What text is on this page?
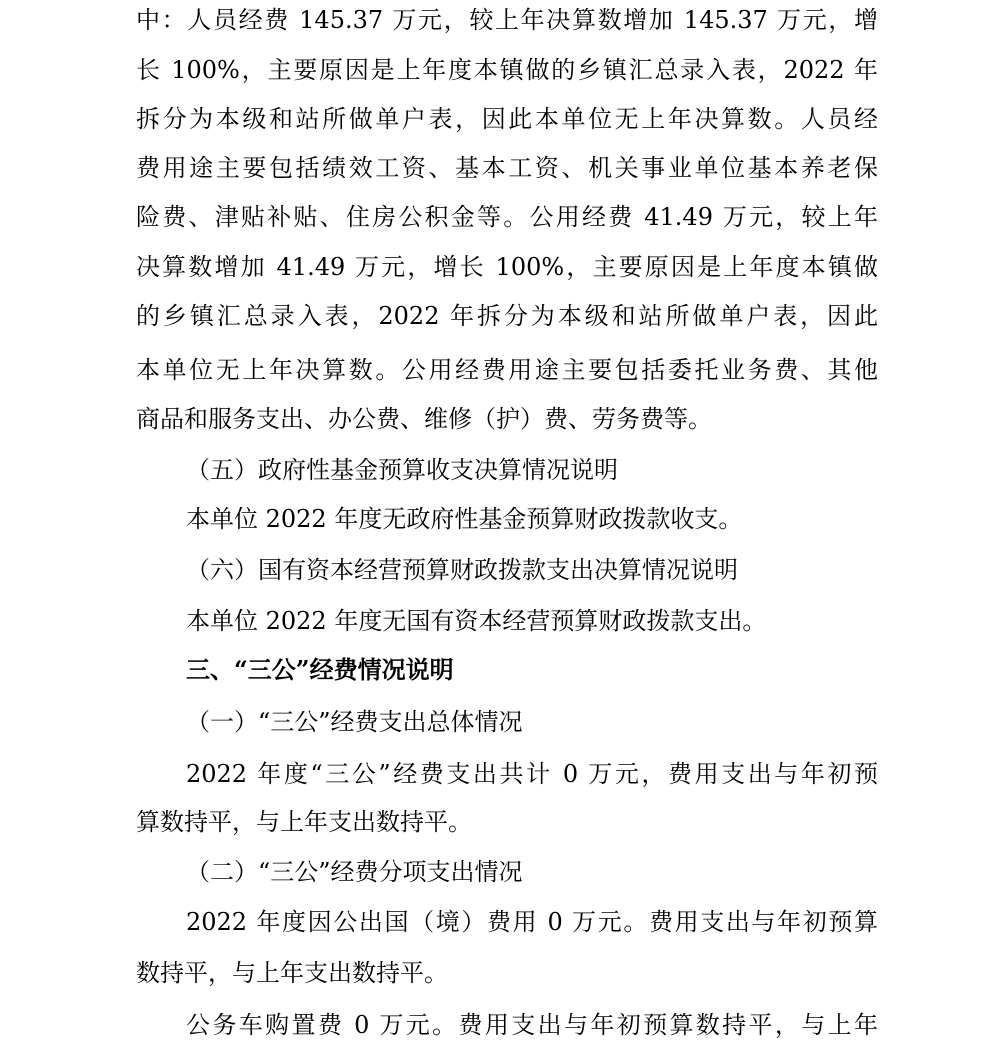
中：人员经费 145.37 万元，较上年决算数增加 145.37 万元，增
长 100%，主要原因是上年度本镇做的乡镇汇总录入表，2022 年
拆分为本级和站所做单户表，因此本单位无上年决算数。人员经
费用途主要包括绩效工资、基本工资、机关事业单位基本养老保
险费、津贴补贴、住房公积金等。公用经费 41.49 万元，较上年
决算数增加 41.49 万元，增长 100%，主要原因是上年度本镇做
的乡镇汇总录入表，2022 年拆分为本级和站所做单户表，因此
本单位无上年决算数。公用经费用途主要包括委托业务费、其他
商品和服务支出、办公费、维修（护）费、劳务费等。
（五）政府性基金预算收支决算情况说明
本单位 2022 年度无政府性基金预算财政拨款收支。
（六）国有资本经营预算财政拨款支出决算情况说明
本单位 2022 年度无国有资本经营预算财政拨款支出。
三、“三公”经费情况说明
（一）“三公”经费支出总体情况
2022 年度“三公”经费支出共计 0 万元，费用支出与年初预
算数持平，与上年支出数持平。
（二）“三公”经费分项支出情况
2022 年度因公出国（境）费用 0 万元。费用支出与年初预算
数持平，与上年支出数持平。
公务车购置费 0 万元。费用支出与年初预算数持平，与上年
